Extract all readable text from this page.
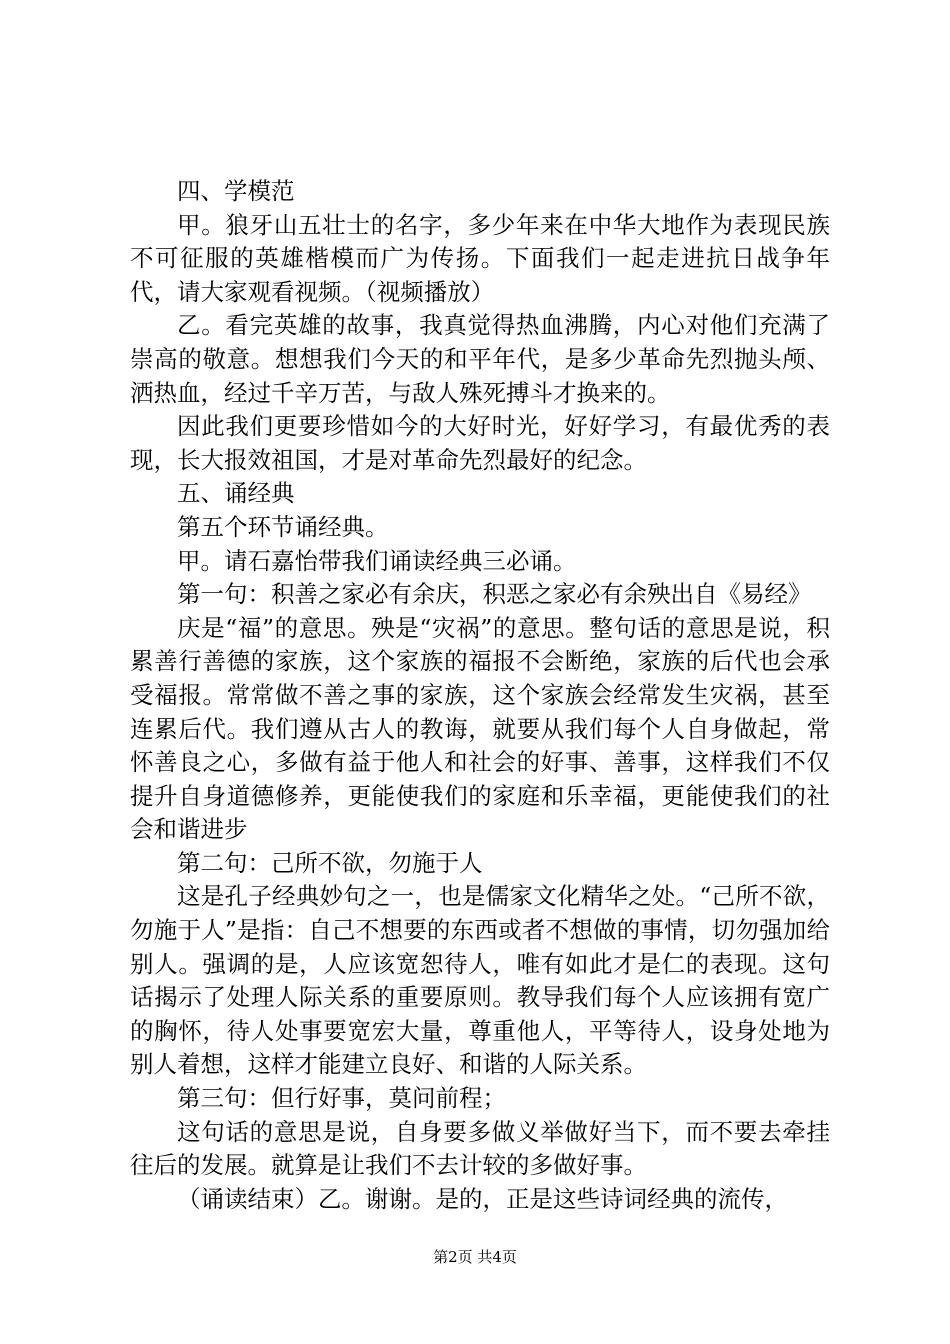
四、学模范

甲。狼牙山五壮士的名字，多少年来在中华大地作为表现民族不可征服的英雄楷模而广为传扬。下面我们一起走进抗日战争年代，请大家观看视频。（视频播放）

乙。看完英雄的故事，我真觉得热血沸腾，内心对他们充满了崇高的敬意。想想我们今天的和平年代，是多少革命先烈抛头颅、洒热血，经过千辛万苦，与敌人殊死搏斗才换来的。

因此我们更要珍惜如今的大好时光，好好学习，有最优秀的表现，长大报效祖国，才是对革命先烈最好的纪念。

五、诵经典

第五个环节诵经典。

甲。请石嘉怡带我们诵读经典三必诵。

第一句：积善之家必有余庆，积恶之家必有余殃出自《易经》

庆是“福”的意思。殃是“灾祸”的意思。整句话的意思是说，积累善行善德的家族，这个家族的福报不会断绝，家族的后代也会承受福报。常常做不善之事的家族，这个家族会经常发生灾祸，甚至连累后代。我们遵从古人的教诲，就要从我们每个人自身做起，常怀善良之心，多做有益于他人和社会的好事、善事，这样我们不仅提升自身道德修养，更能使我们的家庭和乐幸福，更能使我们的社会和谐进步

第二句：己所不欲，勿施于人

这是孔子经典妙句之一，也是儒家文化精华之处。“己所不欲，勿施于人”是指：自己不想要的东西或者不想做的事情，切勿强加给别人。强调的是，人应该宽恕待人，唯有如此才是仁的表现。这句话揭示了处理人际关系的重要原则。教导我们每个人应该拥有宽广的胸怀，待人处事要宽宏大量，尊重他人，平等待人，设身处地为别人着想，这样才能建立良好、和谐的人际关系。

第三句：但行好事，莫问前程；

这句话的意思是说，自身要多做义举做好当下，而不要去牵挂往后的发展。就算是让我们不去计较的多做好事。

（诵读结束）乙。谢谢。是的，正是这些诗词经典的流传，

第2页 共4页
